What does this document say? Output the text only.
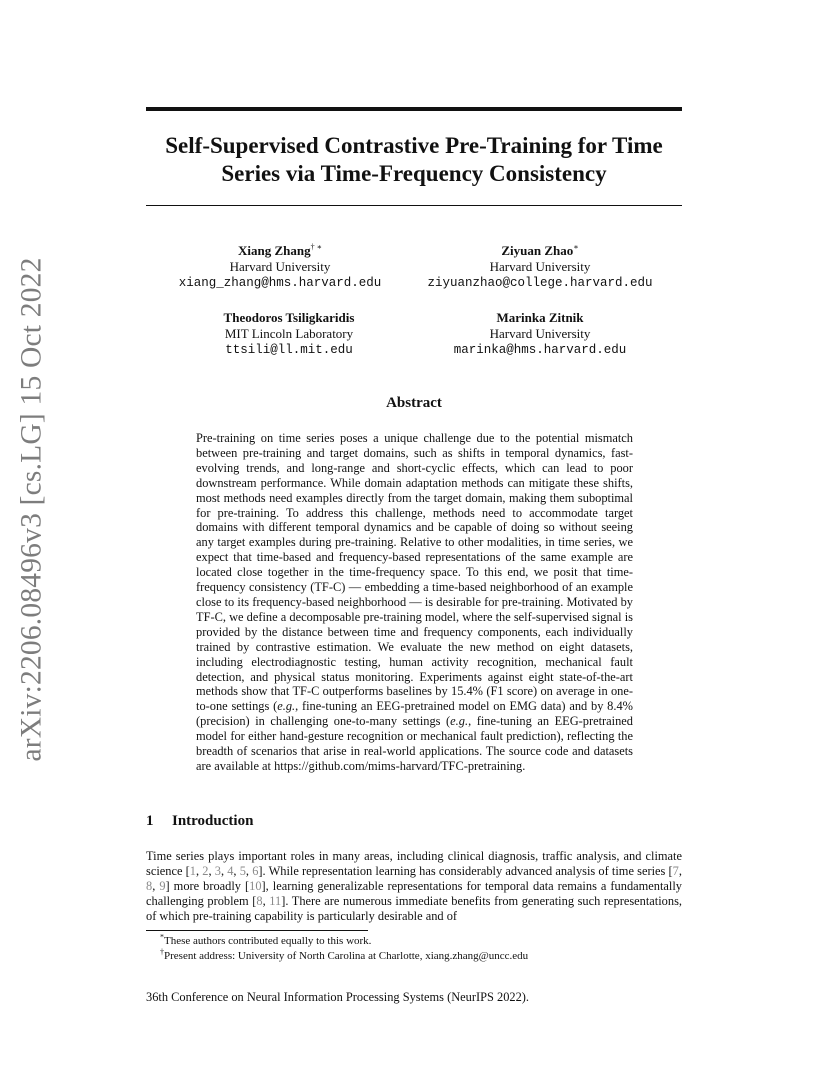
arXiv:2206.08496v3 [cs.LG] 15 Oct 2022
Self-Supervised Contrastive Pre-Training for Time
Series via Time-Frequency Consistency
Xiang Zhang† ∗
Harvard University
xiang_zhang@hms.harvard.edu
Ziyuan Zhao∗
Harvard University
ziyuanzhao@college.harvard.edu
Theodoros Tsiligkaridis
MIT Lincoln Laboratory
ttsili@ll.mit.edu
Marinka Zitnik
Harvard University
marinka@hms.harvard.edu
Abstract

Pre-training on time series poses a unique challenge due to the potential mismatch between pre-training and target domains, such as shifts in temporal dynamics, fast-evolving trends, and long-range and short-cyclic effects, which can lead to poor downstream performance. While domain adaptation methods can mitigate these shifts, most methods need examples directly from the target domain, making them suboptimal for pre-training. To address this challenge, methods need to accommodate target domains with different temporal dynamics and be capable of doing so without seeing any target examples during pre-training. Relative to other modalities, in time series, we expect that time-based and frequency-based representations of the same example are located close together in the time-frequency space. To this end, we posit that time-frequency consistency (TF-C) — embedding a time-based neighborhood of an example close to its frequency-based neighborhood — is desirable for pre-training. Motivated by TF-C, we define a decomposable pre-training model, where the self-supervised signal is provided by the distance between time and frequency components, each individually trained by contrastive estimation. We evaluate the new method on eight datasets, including electrodiagnostic testing, human activity recognition, mechanical fault detection, and physical status monitoring. Experiments against eight state-of-the-art methods show that TF-C outperforms baselines by 15.4% (F1 score) on average in one-to-one settings (e.g., fine-tuning an EEG-pretrained model on EMG data) and by 8.4% (precision) in challenging one-to-many settings (e.g., fine-tuning an EEG-pretrained model for either hand-gesture recognition or mechanical fault prediction), reflecting the breadth of scenarios that arise in real-world applications. The source code and datasets are available at https://github.com/mims-harvard/TFC-pretraining.

1 Introduction

Time series plays important roles in many areas, including clinical diagnosis, traffic analysis, and climate science [1, 2, 3, 4, 5, 6]. While representation learning has considerably advanced analysis of time series [7, 8, 9] more broadly [10], learning generalizable representations for temporal data remains a fundamentally challenging problem [8, 11]. There are numerous immediate benefits from generating such representations, of which pre-training capability is particularly desirable and of

*These authors contributed equally to this work.
†Present address: University of North Carolina at Charlotte, xiang.zhang@uncc.edu
36th Conference on Neural Information Processing Systems (NeurIPS 2022).
